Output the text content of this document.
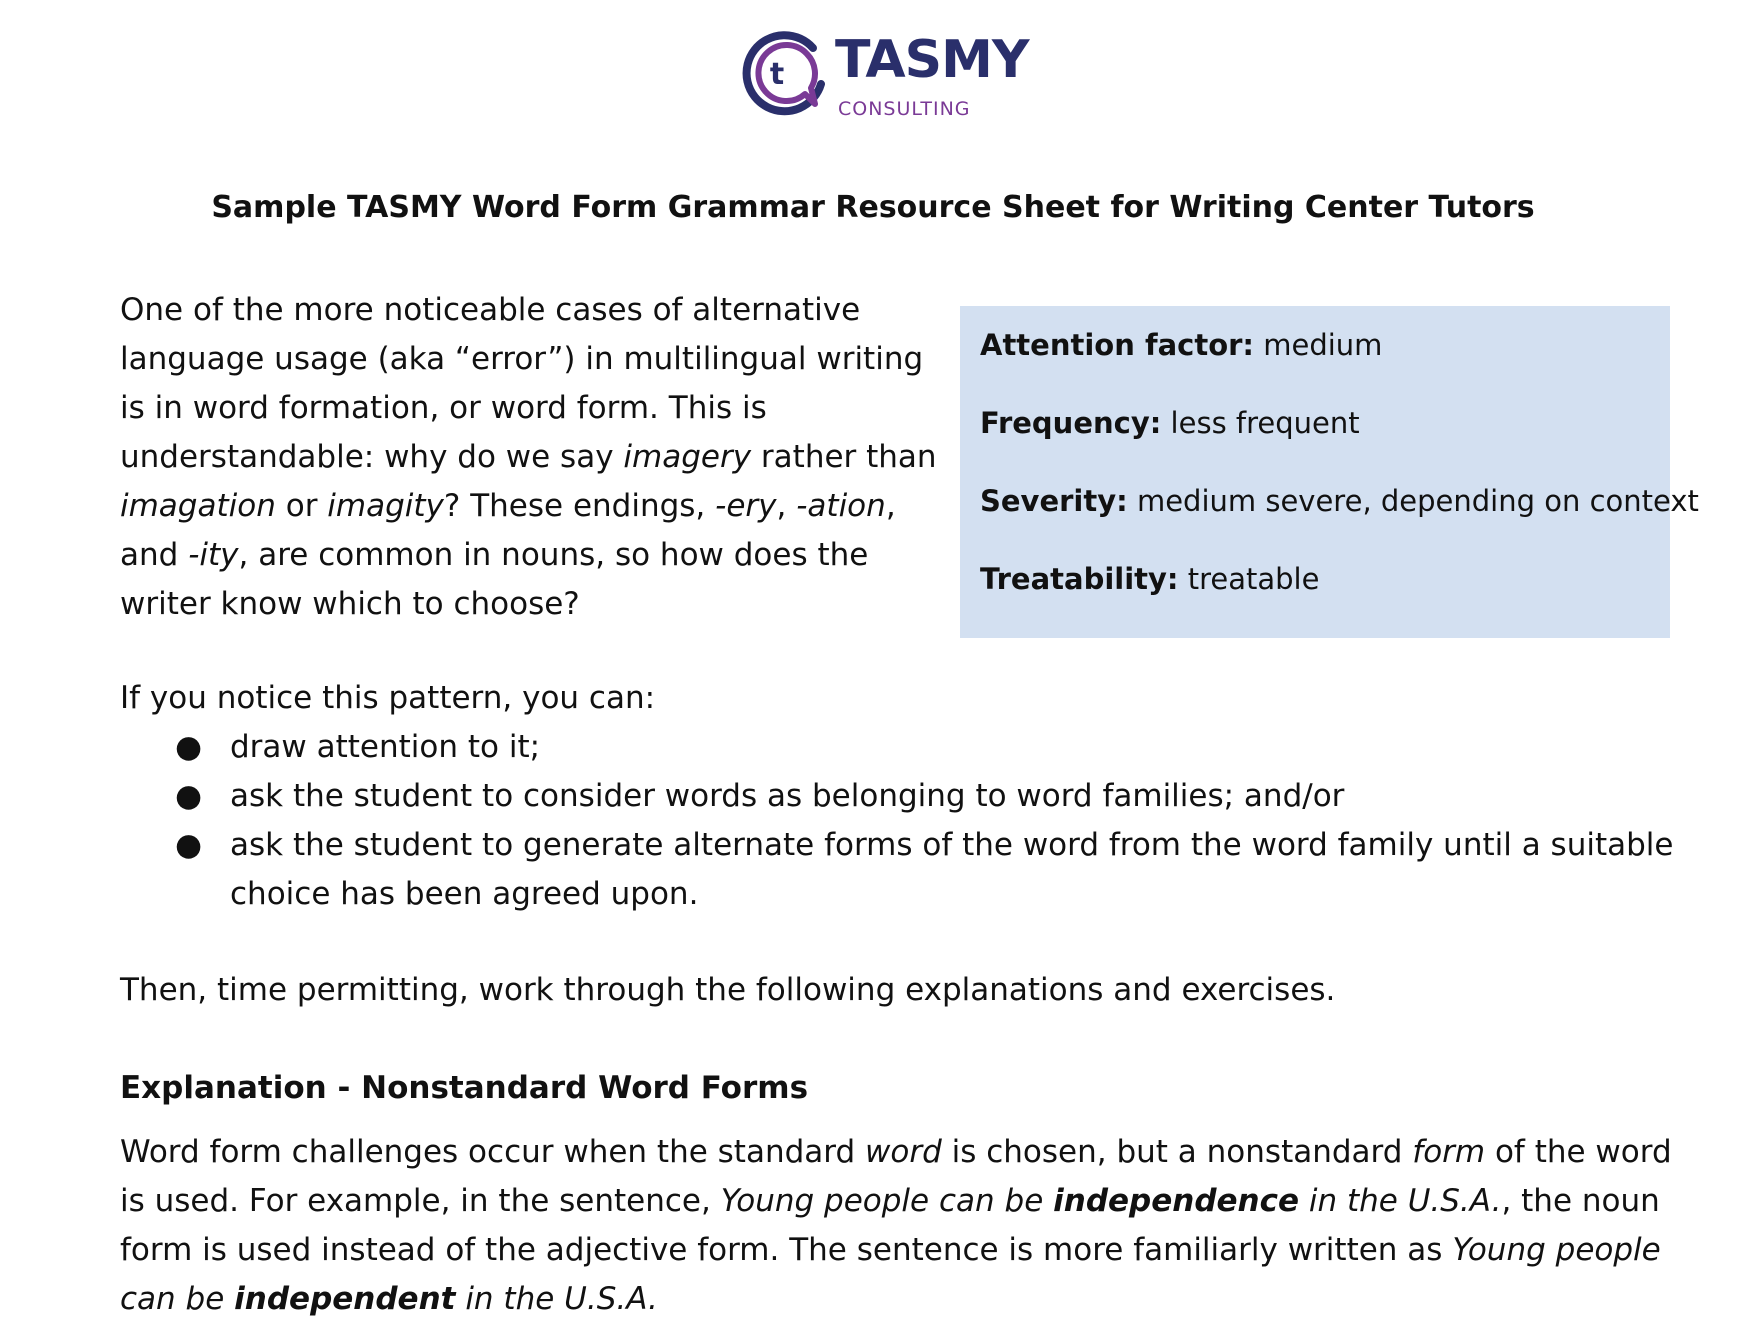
t TASMY
CONSULTING
Sample TASMY Word Form Grammar Resource Sheet for Writing Center Tutors

One of the more noticeable cases of alternative language usage (aka “error”) in multilingual writing is in word formation, or word form. This is understandable: why do we say imagery rather than imagation or imagity? These endings, -ery, -ation, and -ity, are common in nouns, so how does the writer know which to choose?

Attention factor: medium

Frequency: less frequent

Severity: medium severe, depending on context

Treatability: treatable

If you notice this pattern, you can:

● draw attention to it;
● ask the student to consider words as belonging to word families; and/or
● ask the student to generate alternate forms of the word from the word family until a suitable choice has been agreed upon.

Then, time permitting, work through the following explanations and exercises.

Explanation - Nonstandard Word Forms

Word form challenges occur when the standard word is chosen, but a nonstandard form of the word is used. For example, in the sentence, Young people can be independence in the U.S.A., the noun form is used instead of the adjective form. The sentence is more familiarly written as Young people can be independent in the U.S.A.
